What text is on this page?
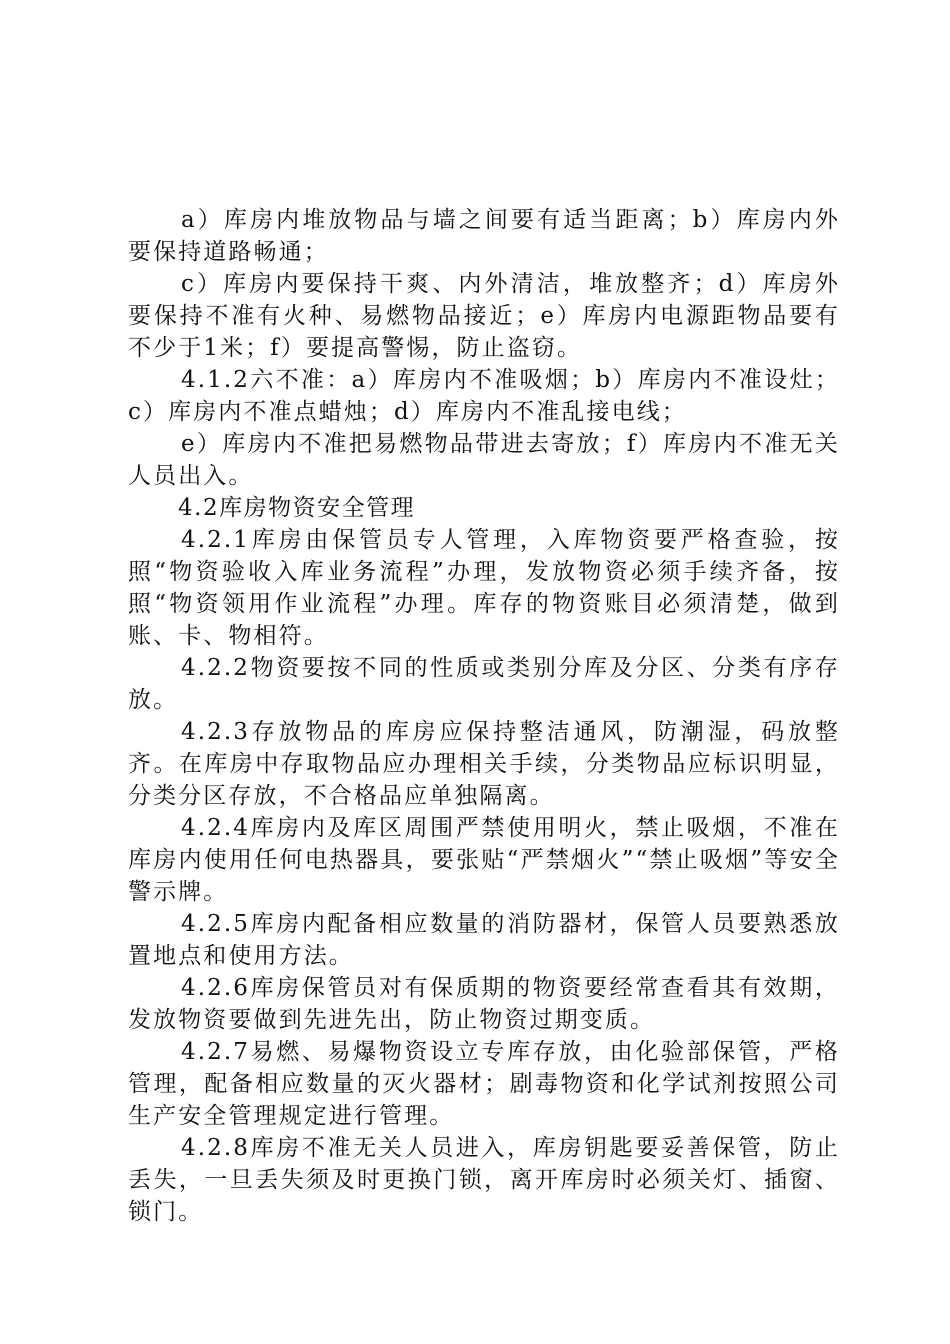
a）库房内堆放物品与墙之间要有适当距离；b）库房内外要保持道路畅通；

c）库房内要保持干爽、内外清洁，堆放整齐；d）库房外要保持不准有火种、易燃物品接近；e）库房内电源距物品要有不少于1米；f）要提高警惕，防止盗窃。

4.1.2六不准：a）库房内不准吸烟；b）库房内不准设灶；c）库房内不准点蜡烛；d）库房内不准乱接电线；

e）库房内不准把易燃物品带进去寄放；f）库房内不准无关人员出入。

4.2库房物资安全管理

4.2.1库房由保管员专人管理，入库物资要严格查验，按照“物资验收入库业务流程”办理，发放物资必须手续齐备，按照“物资领用作业流程”办理。库存的物资账目必须清楚，做到账、卡、物相符。

4.2.2物资要按不同的性质或类别分库及分区、分类有序存放。

4.2.3存放物品的库房应保持整洁通风，防潮湿，码放整齐。在库房中存取物品应办理相关手续，分类物品应标识明显，分类分区存放，不合格品应单独隔离。

4.2.4库房内及库区周围严禁使用明火，禁止吸烟，不准在库房内使用任何电热器具，要张贴“严禁烟火”“禁止吸烟”等安全警示牌。

4.2.5库房内配备相应数量的消防器材，保管人员要熟悉放置地点和使用方法。

4.2.6库房保管员对有保质期的物资要经常查看其有效期，发放物资要做到先进先出，防止物资过期变质。

4.2.7易燃、易爆物资设立专库存放，由化验部保管，严格管理，配备相应数量的灭火器材；剧毒物资和化学试剂按照公司生产安全管理规定进行管理。

4.2.8库房不准无关人员进入，库房钥匙要妥善保管，防止丢失，一旦丢失须及时更换门锁，离开库房时必须关灯、插窗、锁门。
